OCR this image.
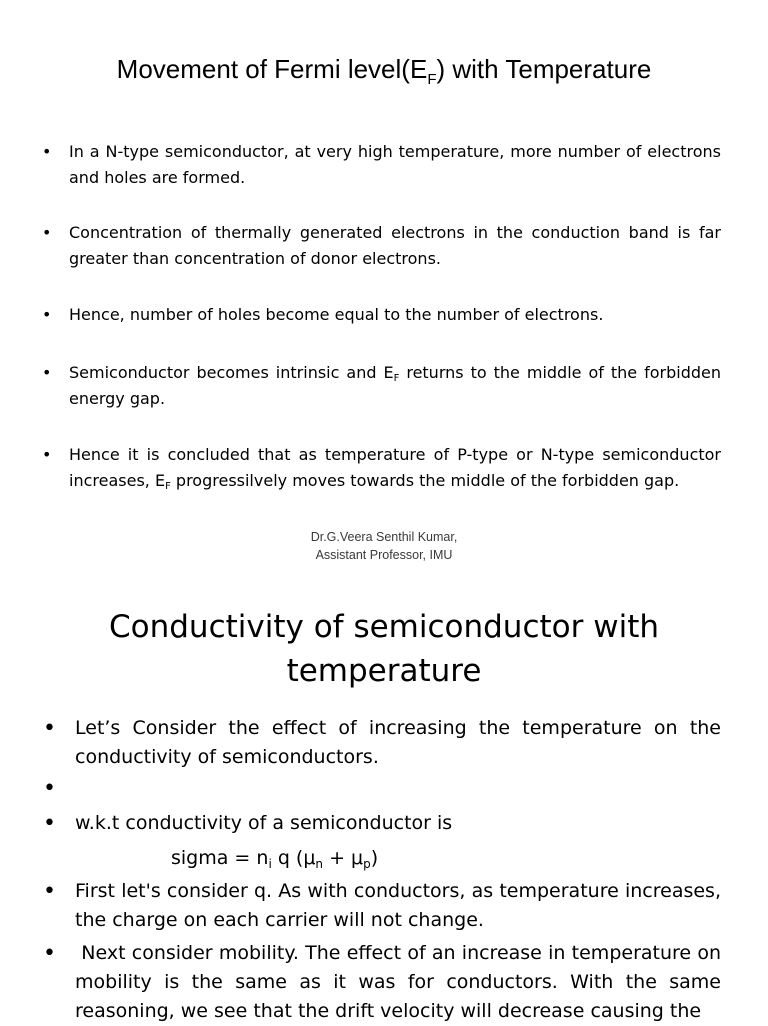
Movement of Fermi $level(E_F)$ with Temperature
• In a N-type semiconductor, at very high temperature, more number of electrons and holes are formed.
• Concentration of thermally generated electrons in the conduction band is far greater than concentration of donor electrons.
• Hence, number of holes become equal to the number of electrons.
• Semiconductor becomes intrinsic and $E_F$ returns to the middle of the forbidden energy gap.
• Hence it is concluded that as temperature of P-type or N-type semiconductor increases, $E_F$ progressilvely moves towards the middle of the forbidden gap.
Dr.G.Veera Senthil Kumar,
Assistant Professor, IMU
Conductivity of semiconductor with
temperature
• Let’s Consider the effect of increasing the temperature on the conductivity of semiconductors.
•
• w.k.t conductivity of a semiconductor is
sigma = $n_i$ q $(\mu_n + \mu_p)$
• First let's consider q. As with conductors, as temperature increases, the charge on each carrier will not change.
• Next consider mobility. The effect of an increase in temperature on mobility is the same as it was for conductors. With the same reasoning, we see that the drift velocity will decrease causing the
